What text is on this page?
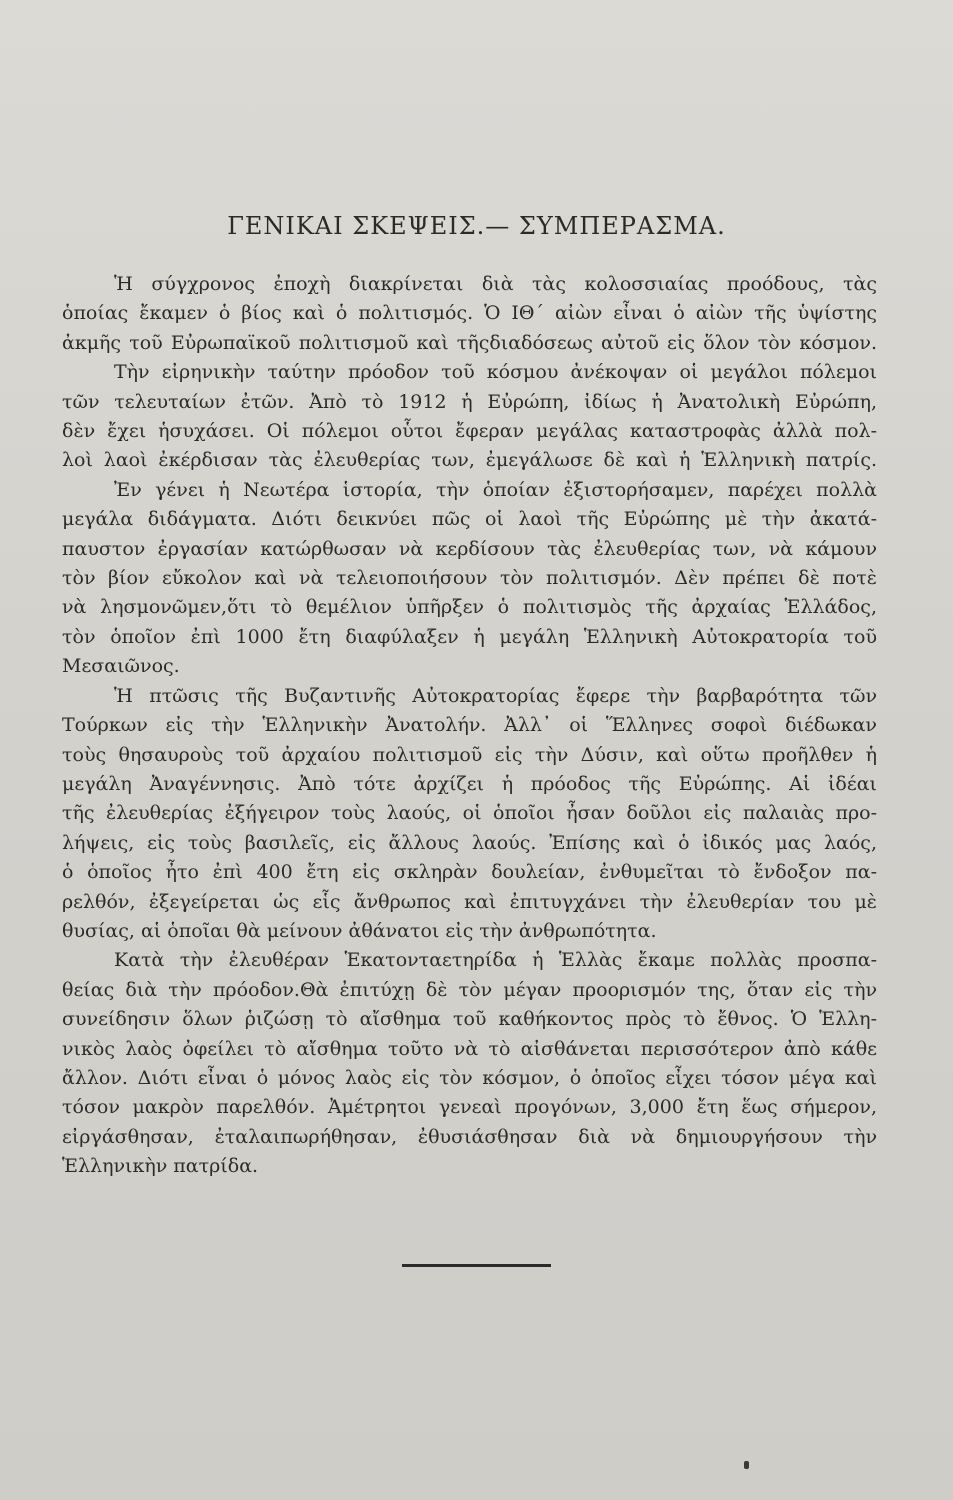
ΓΕΝΙΚΑΙ ΣΚΕΨΕΙΣ.— ΣΥΜΠΕΡΑΣΜΑ.
Ἡ σύγχρονος ἐποχὴ διακρίνεται διὰ τὰς κολοσσιαίας προόδους, τὰς
ὁποίας ἔκαμεν ὁ βίος καὶ ὁ πολιτισμός. Ὁ ΙΘ΄ αἰὼν εἶναι ὁ αἰὼν τῆς ὑψίστης
ἀκμῆς τοῦ Εὐρωπαϊκοῦ πολιτισμοῦ καὶ τῆςδιαδόσεως αὐτοῦ εἰς ὅλον τὸν κόσμον.
Τὴν εἰρηνικὴν ταύτην πρόοδον τοῦ κόσμου ἀνέκοψαν οἱ μεγάλοι πόλεμοι
τῶν τελευταίων ἐτῶν. Ἀπὸ τὸ 1912 ἡ Εὐρώπη, ἰδίως ἡ Ἀνατολικὴ Εὐρώπη,
δὲν ἔχει ἡσυχάσει. Οἱ πόλεμοι οὗτοι ἔφεραν μεγάλας καταστροφὰς ἀλλὰ πολ-
λοὶ λαοὶ ἐκέρδισαν τὰς ἐλευθερίας των, ἐμεγάλωσε δὲ καὶ ἡ Ἑλληνικὴ πατρίς.
Ἐν γένει ἡ Νεωτέρα ἱστορία, τὴν ὁποίαν ἐξιστορήσαμεν, παρέχει πολλὰ
μεγάλα διδάγματα. Διότι δεικνύει πῶς οἱ λαοὶ τῆς Εὐρώπης μὲ τὴν ἀκατά-
παυστον ἐργασίαν κατώρθωσαν νὰ κερδίσουν τὰς ἐλευθερίας των, νὰ κάμουν
τὸν βίον εὔκολον καὶ νὰ τελειοποιήσουν τὸν πολιτισμόν. Δὲν πρέπει δὲ ποτὲ
νὰ λησμονῶμεν,ὅτι τὸ θεμέλιον ὑπῆρξεν ὁ πολιτισμὸς τῆς ἀρχαίας Ἑλλάδος,
τὸν ὁποῖον ἐπὶ 1000 ἔτη διαφύλαξεν ἡ μεγάλη Ἑλληνικὴ Αὐτοκρατορία τοῦ
Μεσαιῶνος.
Ἡ πτῶσις τῆς Βυζαντινῆς Αὐτοκρατορίας ἔφερε τὴν βαρβαρότητα τῶν
Τούρκων εἰς τὴν Ἑλληνικὴν Ἀνατολήν. Ἀλλ᾽ οἱ Ἕλληνες σοφοὶ διέδωκαν
τοὺς θησαυροὺς τοῦ ἀρχαίου πολιτισμοῦ εἰς τὴν Δύσιν, καὶ οὕτω προῆλθεν ἡ
μεγάλη Ἀναγέννησις. Ἀπὸ τότε ἀρχίζει ἡ πρόοδος τῆς Εὐρώπης. Αἱ ἰδέαι
τῆς ἐλευθερίας ἐξήγειρον τοὺς λαούς, οἱ ὁποῖοι ἦσαν δοῦλοι εἰς παλαιὰς προ-
λήψεις, εἰς τοὺς βασιλεῖς, εἰς ἄλλους λαούς. Ἐπίσης καὶ ὁ ἰδικός μας λαός,
ὁ ὁποῖος ἦτο ἐπὶ 400 ἔτη εἰς σκληρὰν δουλείαν, ἐνθυμεῖται τὸ ἔνδοξον πα-
ρελθόν, ἐξεγείρεται ὡς εἷς ἄνθρωπος καὶ ἐπιτυγχάνει τὴν ἐλευθερίαν του μὲ
θυσίας, αἱ ὁποῖαι θὰ μείνουν ἀθάνατοι εἰς τὴν ἀνθρωπότητα.
Κατὰ τὴν ἐλευθέραν Ἑκατονταετηρίδα ἡ Ἑλλὰς ἔκαμε πολλὰς προσπα-
θείας διὰ τὴν πρόοδον.Θὰ ἐπιτύχῃ δὲ τὸν μέγαν προορισμόν της, ὅταν εἰς τὴν
συνείδησιν ὅλων ῥιζώσῃ τὸ αἴσθημα τοῦ καθήκοντος πρὸς τὸ ἔθνος. Ὁ Ἑλλη-
νικὸς λαὸς ὀφείλει τὸ αἴσθημα τοῦτο νὰ τὸ αἰσθάνεται περισσότερον ἀπὸ κάθε
ἄλλον. Διότι εἶναι ὁ μόνος λαὸς εἰς τὸν κόσμον, ὁ ὁποῖος εἶχει τόσον μέγα καὶ
τόσον μακρὸν παρελθόν. Ἀμέτρητοι γενεαὶ προγόνων, 3,000 ἔτη ἕως σήμερον,
εἰργάσθησαν, ἐταλαιπωρήθησαν, ἐθυσιάσθησαν διὰ νὰ δημιουργήσουν τὴν
Ἑλληνικὴν πατρίδα.
